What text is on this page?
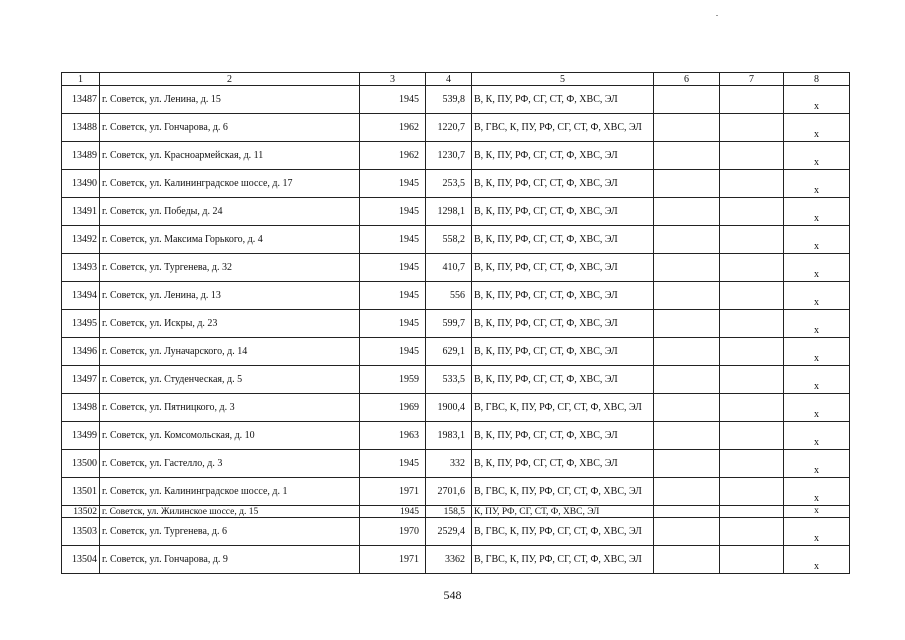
1	2	3	4	5	6	7	8
13487	г. Советск, ул. Ленина, д. 15	1945	539,8	В, К, ПУ, РФ, СГ, СТ, Ф, ХВС, ЭЛ			х
13488	г. Советск, ул. Гончарова, д. 6	1962	1220,7	В, ГВС, К, ПУ, РФ, СГ, СТ, Ф, ХВС, ЭЛ			х
13489	г. Советск, ул. Красноармейская, д. 11	1962	1230,7	В, К, ПУ, РФ, СГ, СТ, Ф, ХВС, ЭЛ			х
13490	г. Советск, ул. Калининградское шоссе, д. 17	1945	253,5	В, К, ПУ, РФ, СГ, СТ, Ф, ХВС, ЭЛ			х
13491	г. Советск, ул. Победы, д. 24	1945	1298,1	В, К, ПУ, РФ, СГ, СТ, Ф, ХВС, ЭЛ			х
13492	г. Советск, ул. Максима Горького, д. 4	1945	558,2	В, К, ПУ, РФ, СГ, СТ, Ф, ХВС, ЭЛ			х
13493	г. Советск, ул. Тургенева, д. 32	1945	410,7	В, К, ПУ, РФ, СГ, СТ, Ф, ХВС, ЭЛ			х
13494	г. Советск, ул. Ленина, д. 13	1945	556	В, К, ПУ, РФ, СГ, СТ, Ф, ХВС, ЭЛ			х
13495	г. Советск, ул. Искры, д. 23	1945	599,7	В, К, ПУ, РФ, СГ, СТ, Ф, ХВС, ЭЛ			х
13496	г. Советск, ул. Луначарского, д. 14	1945	629,1	В, К, ПУ, РФ, СГ, СТ, Ф, ХВС, ЭЛ			х
13497	г. Советск, ул. Студенческая, д. 5	1959	533,5	В, К, ПУ, РФ, СГ, СТ, Ф, ХВС, ЭЛ			х
13498	г. Советск, ул. Пятницкого, д. 3	1969	1900,4	В, ГВС, К, ПУ, РФ, СГ, СТ, Ф, ХВС, ЭЛ			х
13499	г. Советск, ул. Комсомольская, д. 10	1963	1983,1	В, К, ПУ, РФ, СГ, СТ, Ф, ХВС, ЭЛ			х
13500	г. Советск, ул. Гастелло, д. 3	1945	332	В, К, ПУ, РФ, СГ, СТ, Ф, ХВС, ЭЛ			х
13501	г. Советск, ул. Калининградское шоссе, д. 1	1971	2701,6	В, ГВС, К, ПУ, РФ, СГ, СТ, Ф, ХВС, ЭЛ			х
13502	г. Советск, ул. Жилинское шоссе, д. 15	1945	158,5	К, ПУ, РФ, СГ, СТ, Ф, ХВС, ЭЛ			х
13503	г. Советск, ул. Тургенева, д. 6	1970	2529,4	В, ГВС, К, ПУ, РФ, СГ, СТ, Ф, ХВС, ЭЛ			х
13504	г. Советск, ул. Гончарова, д. 9	1971	3362	В, ГВС, К, ПУ, РФ, СГ, СТ, Ф, ХВС, ЭЛ			х
548
